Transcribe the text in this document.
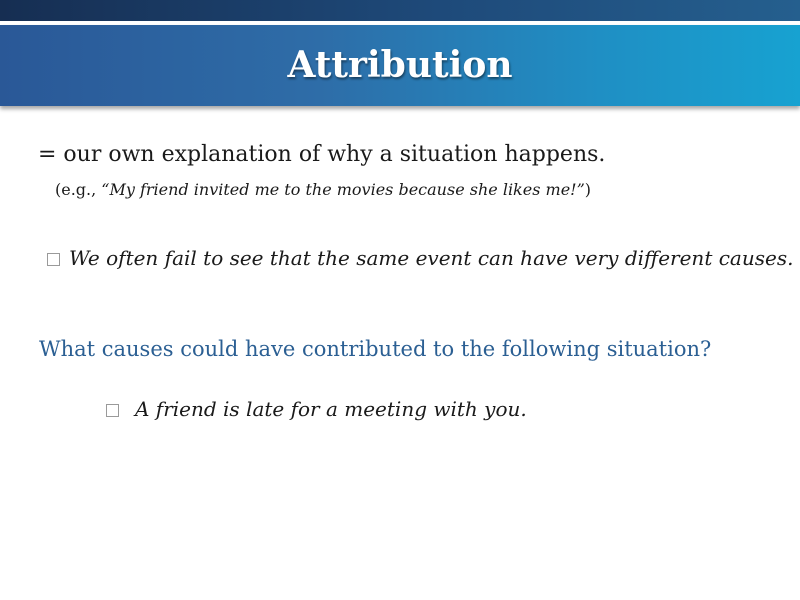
Attribution
= our own explanation of why a situation happens.
(e.g., “My friend invited me to the movies because she likes me!”)
We often fail to see that the same event can have very different causes.
What causes could have contributed to the following situation?
A friend is late for a meeting with you.
